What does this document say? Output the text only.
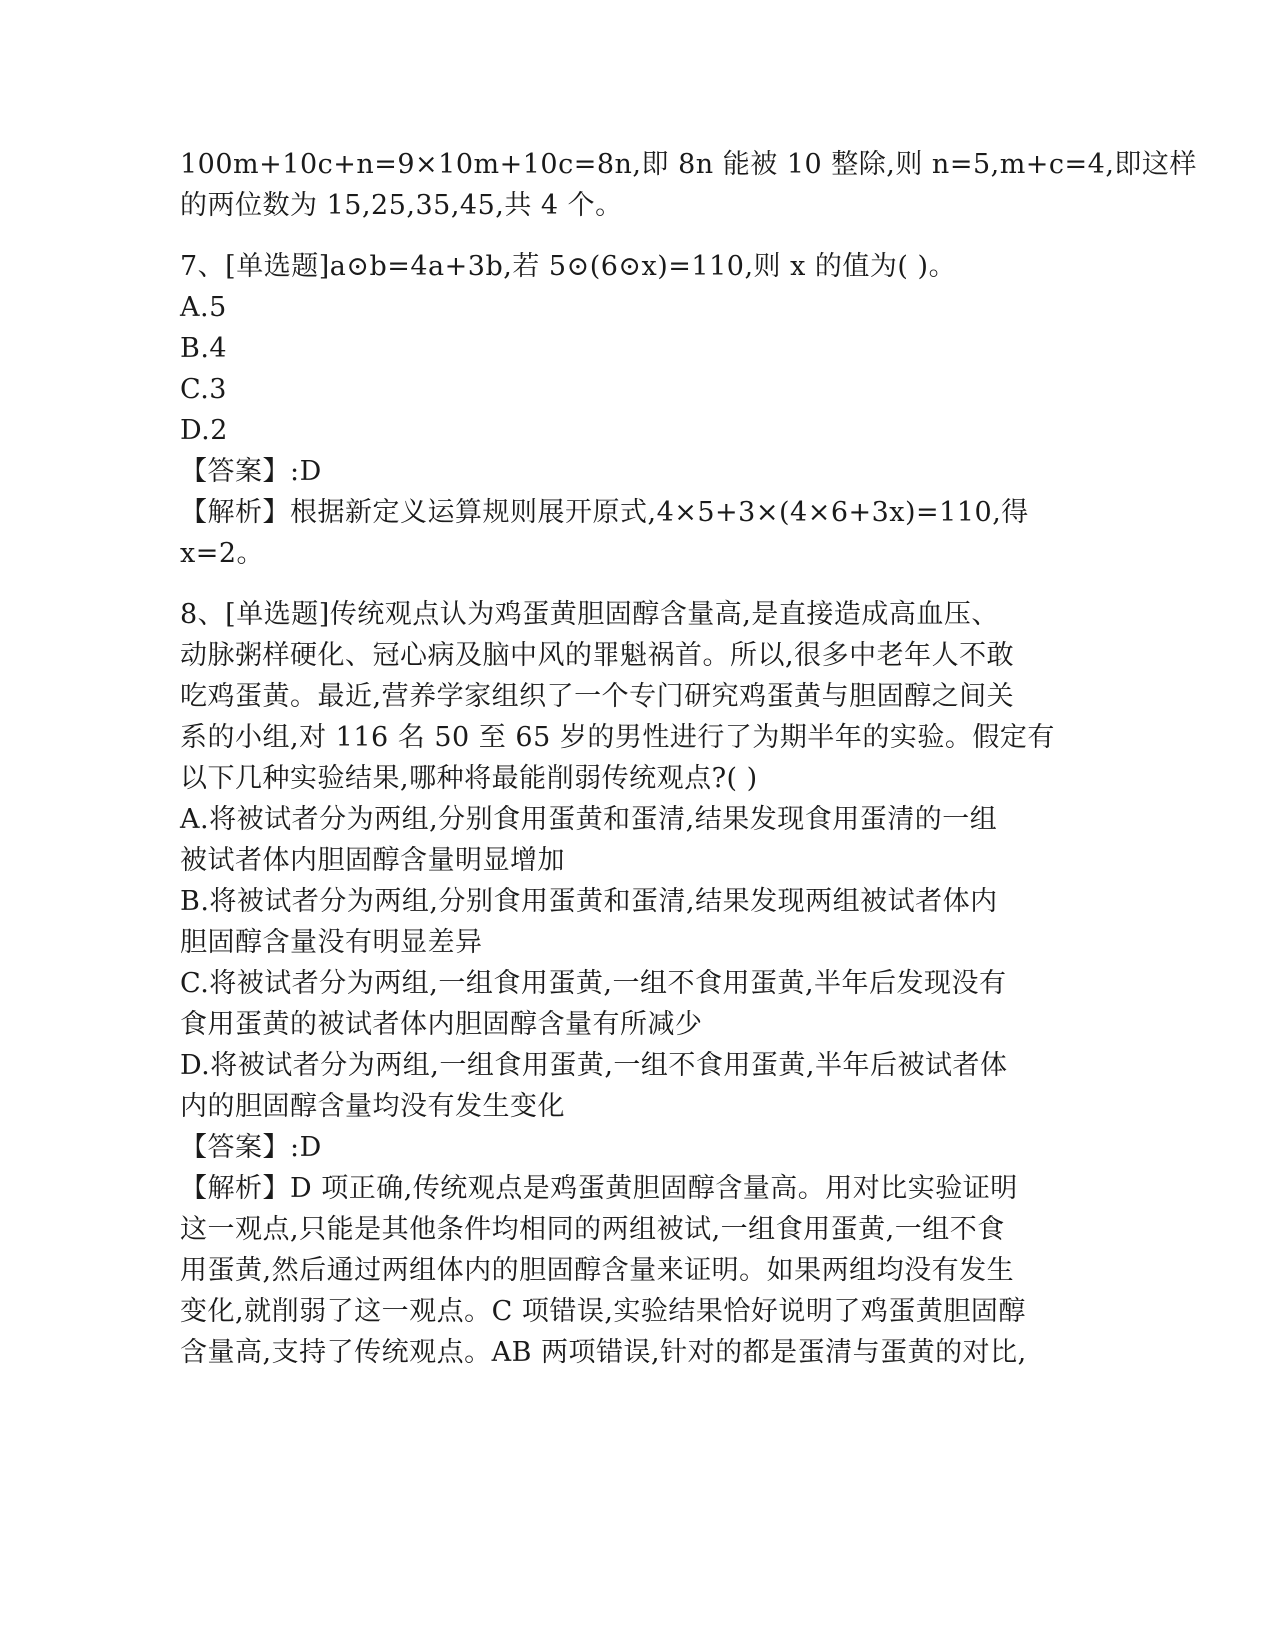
100m+10c+n=9×10m+10c=8n,即 8n 能被 10 整除,则 n=5,m+c=4,即这样
的两位数为 15,25,35,45,共 4 个。
7、[单选题]a⊙b=4a+3b,若 5⊙(6⊙x)=110,则 x 的值为( )。
A.5
B.4
C.3
D.2
【答案】:D
【解析】根据新定义运算规则展开原式,4×5+3×(4×6+3x)=110,得
x=2。
8、[单选题]传统观点认为鸡蛋黄胆固醇含量高,是直接造成高血压、
动脉粥样硬化、冠心病及脑中风的罪魁祸首。所以,很多中老年人不敢
吃鸡蛋黄。最近,营养学家组织了一个专门研究鸡蛋黄与胆固醇之间关
系的小组,对 116 名 50 至 65 岁的男性进行了为期半年的实验。假定有
以下几种实验结果,哪种将最能削弱传统观点?( )
A.将被试者分为两组,分别食用蛋黄和蛋清,结果发现食用蛋清的一组
被试者体内胆固醇含量明显增加
B.将被试者分为两组,分别食用蛋黄和蛋清,结果发现两组被试者体内
胆固醇含量没有明显差异
C.将被试者分为两组,一组食用蛋黄,一组不食用蛋黄,半年后发现没有
食用蛋黄的被试者体内胆固醇含量有所减少
D.将被试者分为两组,一组食用蛋黄,一组不食用蛋黄,半年后被试者体
内的胆固醇含量均没有发生变化
【答案】:D
【解析】D 项正确,传统观点是鸡蛋黄胆固醇含量高。用对比实验证明
这一观点,只能是其他条件均相同的两组被试,一组食用蛋黄,一组不食
用蛋黄,然后通过两组体内的胆固醇含量来证明。如果两组均没有发生
变化,就削弱了这一观点。C 项错误,实验结果恰好说明了鸡蛋黄胆固醇
含量高,支持了传统观点。AB 两项错误,针对的都是蛋清与蛋黄的对比,
